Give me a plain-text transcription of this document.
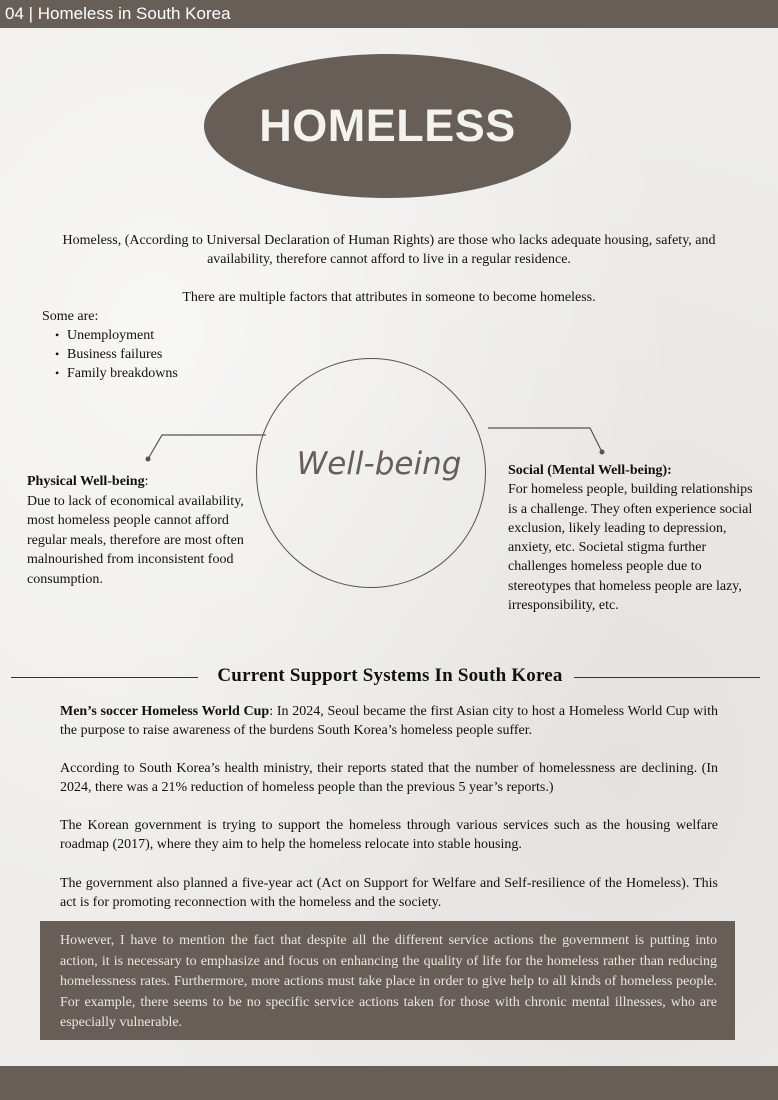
04 | Homeless in South Korea
HOMELESS
Homeless, (According to Universal Declaration of Human Rights) are those who lacks adequate housing, safety, and availability, therefore cannot afford to live in a regular residence.
There are multiple factors that attributes in someone to become homeless.
Some are:
• Unemployment
• Business failures
• Family breakdowns
Well-being
Physical Well-being:
Due to lack of economical availability, most homeless people cannot afford regular meals, therefore are most often malnourished from inconsistent food consumption.
Social (Mental Well-being):
For homeless people, building relationships is a challenge. They often experience social exclusion, likely leading to depression, anxiety, etc. Societal stigma further challenges homeless people due to stereotypes that homeless people are lazy, irresponsibility, etc.
Current Support Systems In South Korea
Men’s soccer Homeless World Cup: In 2024, Seoul became the first Asian city to host a Homeless World Cup with the purpose to raise awareness of the burdens South Korea’s homeless people suffer.
According to South Korea’s health ministry, their reports stated that the number of homelessness are declining. (In 2024, there was a 21% reduction of homeless people than the previous 5 year’s reports.)
The Korean government is trying to support the homeless through various services such as the housing welfare roadmap (2017), where they aim to help the homeless relocate into stable housing.
The government also planned a five-year act (Act on Support for Welfare and Self-resilience of the Homeless). This act is for promoting reconnection with the homeless and the society.
However, I have to mention the fact that despite all the different service actions the government is putting into action, it is necessary to emphasize and focus on enhancing the quality of life for the homeless rather than reducing homelessness rates. Furthermore, more actions must take place in order to give help to all kinds of homeless people. For example, there seems to be no specific service actions taken for those with chronic mental illnesses, who are especially vulnerable.
